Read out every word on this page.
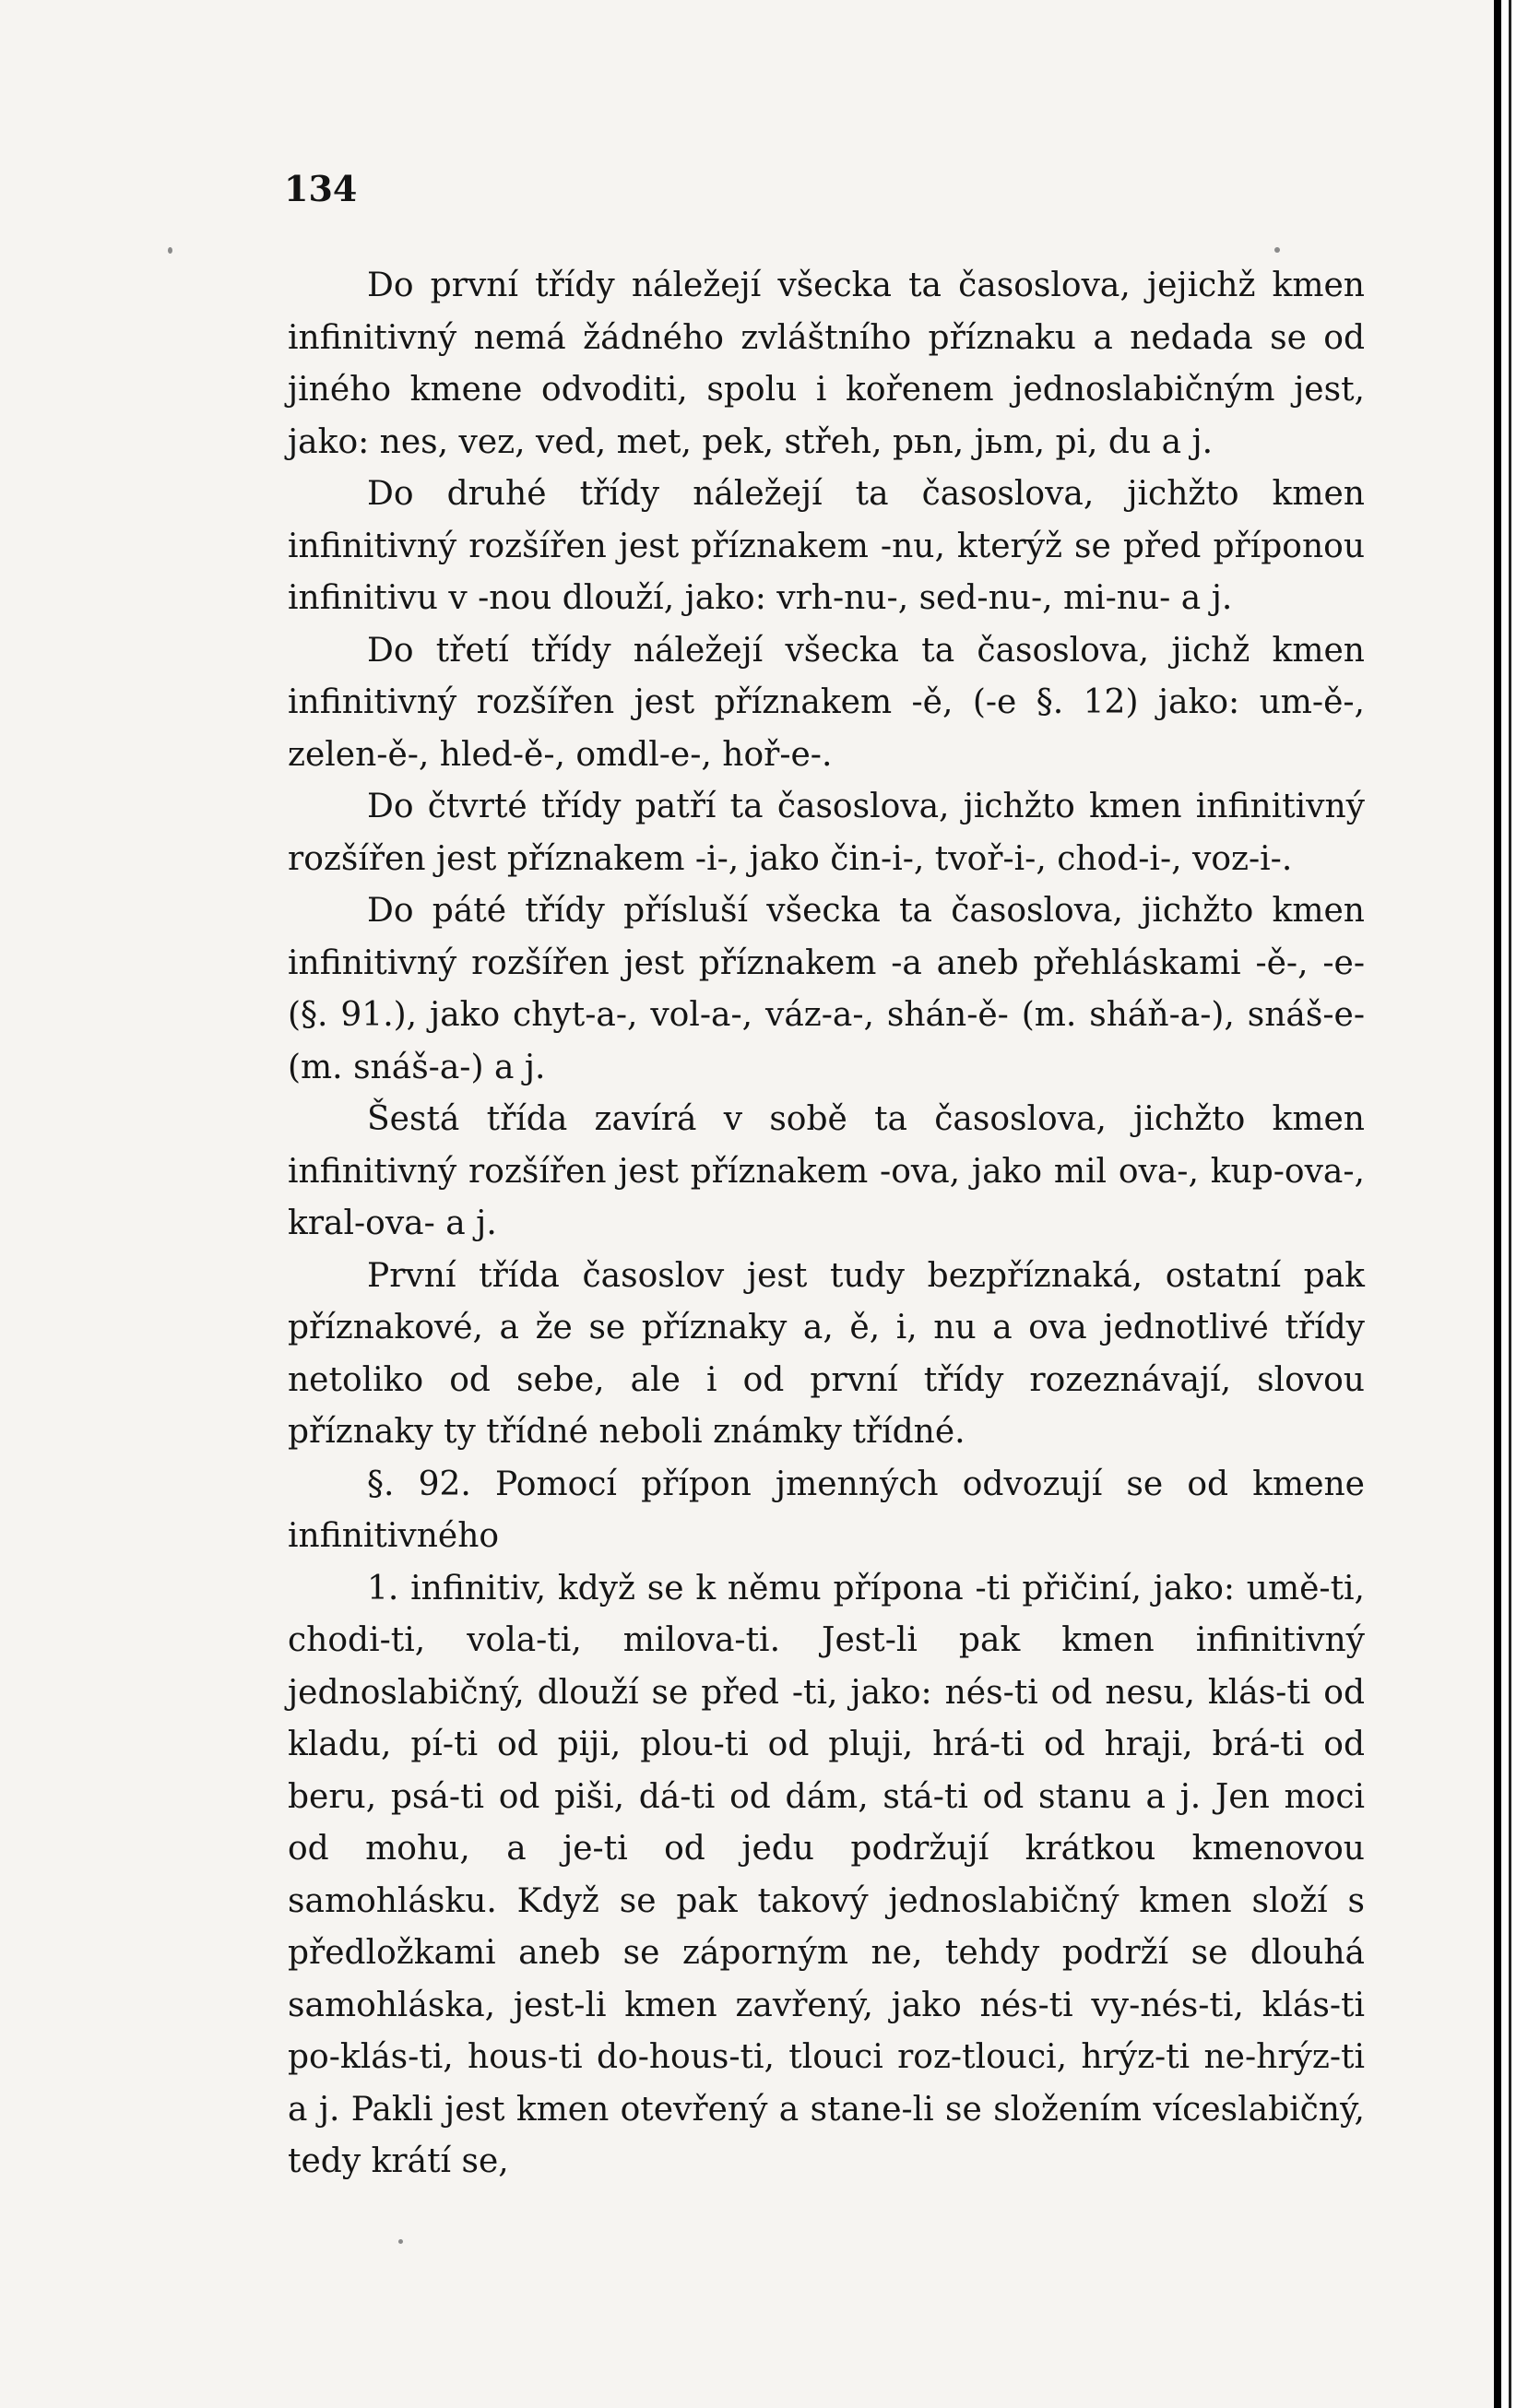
134

Do první třídy náležejí všecka ta časoslova, jejichž kmen infinitivný nemá žádného zvláštního příznaku a nedada se od jiného kmene odvoditi, spolu i kořenem jednoslabičným jest, jako: nes, vez, ved, met, pek, střeh, pьn, jьm, pi, du a j.

Do druhé třídy náležejí ta časoslova, jichžto kmen infinitivný rozšířen jest příznakem -nu, kterýž se před příponou infinitivu v -nou dlouží, jako: vrh-nu-, sed-nu-, mi-nu- a j.

Do třetí třídy náležejí všecka ta časoslova, jichž kmen infinitivný rozšířen jest příznakem -ě, (-e §. 12) jako: um-ě-, zelen-ě-, hled-ě-, omdl-e-, hoř-e-.

Do čtvrté třídy patří ta časoslova, jichžto kmen infinitivný rozšířen jest příznakem -i-, jako čin-i-, tvoř-i-, chod-i-, voz-i-.

Do páté třídy přísluší všecka ta časoslova, jichžto kmen infinitivný rozšířen jest příznakem -a aneb přehláskami -ě-, -e- (§. 91.), jako chyt-a-, vol-a-, váz-a-, shán-ě- (m. sháň-a-), snáš-e- (m. snáš-a-) a j.

Šestá třída zavírá v sobě ta časoslova, jichžto kmen infinitivný rozšířen jest příznakem -ova, jako mil ova-, kup-ova-, kral-ova- a j.

První třída časoslov jest tudy bezpříznaká, ostatní pak příznakové, a že se příznaky a, ě, i, nu a ova jednotlivé třídy netoliko od sebe, ale i od první třídy rozeznávají, slovou příznaky ty třídné neboli známky třídné.

§. 92. Pomocí přípon jmenných odvozují se od kmene infinitivného

1. infinitiv, když se k němu přípona -ti přičiní, jako: umě-ti, chodi-ti, vola-ti, milova-ti. Jest-li pak kmen infinitivný jednoslabičný, dlouží se před -ti, jako: nés-ti od nesu, klás-ti od kladu, pí-ti od piji, plou-ti od pluji, hrá-ti od hraji, brá-ti od beru, psá-ti od piši, dá-ti od dám, stá-ti od stanu a j. Jen moci od mohu, a je-ti od jedu podržují krátkou kmenovou samohlásku. Když se pak takový jednoslabičný kmen složí s předložkami aneb se záporným ne, tehdy podrží se dlouhá samohláska, jest-li kmen zavřený, jako nés-ti vy-nés-ti, klás-ti po-klás-ti, hous-ti do-hous-ti, tlouci roz-tlouci, hrýz-ti ne-hrýz-ti a j. Pakli jest kmen otevřený a stane-li se složením víceslabičný, tedy krátí se,
